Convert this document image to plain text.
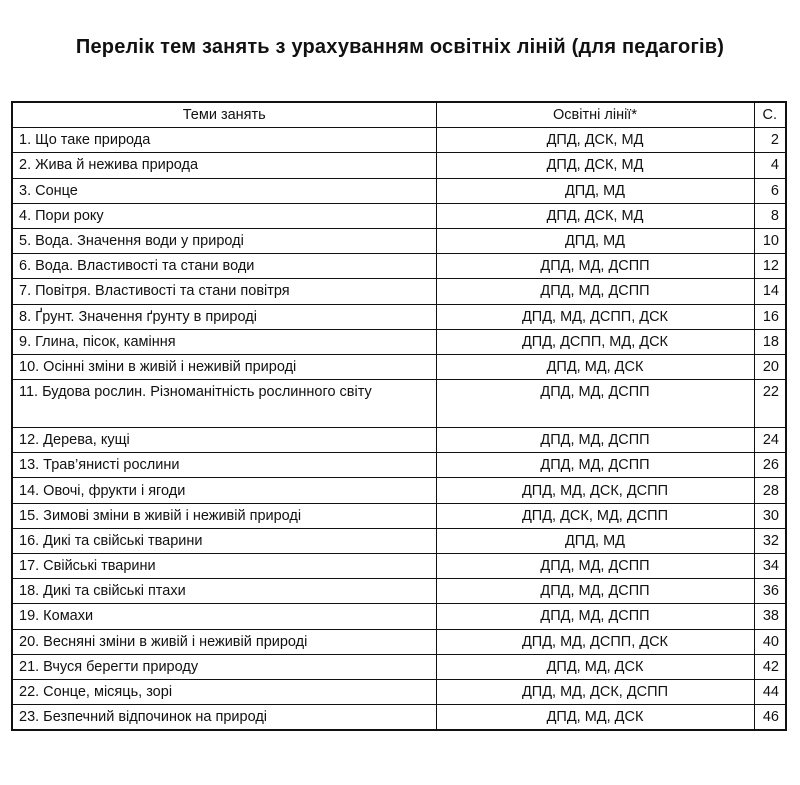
Перелік тем занять з урахуванням освітніх ліній (для педагогів)
Теми занять	Освітні лінії*	С.
1. Що таке природа	ДПД, ДСК, МД	2
2. Жива й нежива природа	ДПД, ДСК, МД	4
3. Сонце	ДПД, МД	6
4. Пори року	ДПД, ДСК, МД	8
5. Вода. Значення води у природі	ДПД, МД	10
6. Вода. Властивості та стани води	ДПД, МД, ДСПП	12
7. Повітря. Властивості та стани повітря	ДПД, МД, ДСПП	14
8. Ґрунт. Значення ґрунту в природі	ДПД, МД, ДСПП, ДСК	16
9. Глина, пісок, каміння	ДПД, ДСПП, МД, ДСК	18
10. Осінні зміни в живій і неживій природі	ДПД, МД, ДСК	20
11. Будова рослин. Різноманітність рослинного світу	ДПД, МД, ДСПП	22
12. Дерева, кущі	ДПД, МД, ДСПП	24
13. Трав’янисті рослини	ДПД, МД, ДСПП	26
14. Овочі, фрукти і ягоди	ДПД, МД, ДСК, ДСПП	28
15. Зимові зміни в живій і неживій природі	ДПД, ДСК, МД, ДСПП	30
16. Дикі та свійські тварини	ДПД, МД	32
17. Свійські тварини	ДПД, МД, ДСПП	34
18. Дикі та свійські птахи	ДПД, МД, ДСПП	36
19. Комахи	ДПД, МД, ДСПП	38
20. Весняні зміни в живій і неживій природі	ДПД, МД, ДСПП, ДСК	40
21. Вчуся берегти природу	ДПД, МД, ДСК	42
22. Сонце, місяць, зорі	ДПД, МД, ДСК, ДСПП	44
23. Безпечний відпочинок на природі	ДПД, МД, ДСК	46
